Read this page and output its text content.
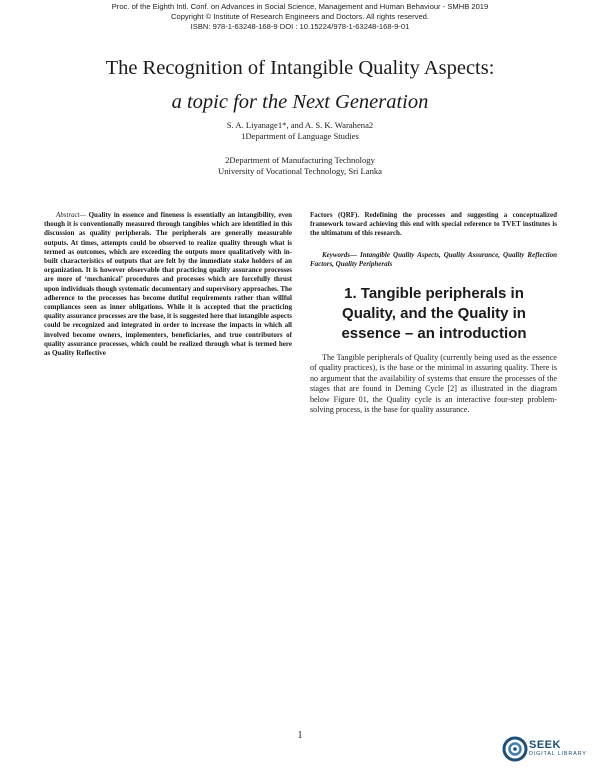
Proc. of the Eighth Intl. Conf. on Advances in Social Science, Management and Human Behaviour - SMHB 2019
Copyright © Institute of Research Engineers and Doctors. All rights reserved.
ISBN: 978-1-63248-168-9 DOI : 10.15224/978-1-63248-168-9-01
The Recognition of Intangible Quality Aspects:
a topic for the Next Generation
S. A. Liyanage1*, and A. S. K. Warahena2
1Department of Language Studies
2Department of Manufacturing Technology
University of Vocational Technology, Sri Lanka
Abstract— Quality in essence and fineness is essentially an intangibility, even though it is conventionally measured through tangibles which are identified in this discussion as quality peripherals. The peripherals are generally measurable outputs. At times, attempts could be observed to realize quality through what is termed as outcomes, which are exceeding the outputs more qualitatively with in-built characteristics of outputs that are felt by the immediate stake holders of an organization. It is however observable that practicing quality assurance processes are more of ‘mechanical’ procedures and processes which are forcefully thrust upon individuals though systematic documentary and supervisory approaches. The adherence to the processes has become dutiful requirements rather than willful compliances seen as inner obligations. While it is accepted that the practicing quality assurance processes are the base, it is suggested here that intangible aspects could be recognized and integrated in order to increase the impacts in which all involved become owners, implementers, beneficiaries, and true contributors of quality assurance processes, which could be realized through what is termed here as Quality Reflective
Factors (QRF). Redefining the processes and suggesting a conceptualized framework toward achieving this end with special reference to TVET institutes is the ultimatum of this research.
Keywords— Intangible Quality Aspects, Quality Assurance, Quality Reflection Factors, Quality Peripherals
1. Tangible peripherals in Quality, and the Quality in essence – an introduction
The Tangible peripherals of Quality (currently being used as the essence of quality practices), is the base or the minimal in assuring quality. There is no argument that the availability of systems that ensure the processes of the stages that are found in Deming Cycle [2] as illustrated in the diagram below Figure 01, the Quality cycle is an interactive four-step problem-solving process, is the base for quality assurance.
1
SEEK
DIGITAL LIBRARY
